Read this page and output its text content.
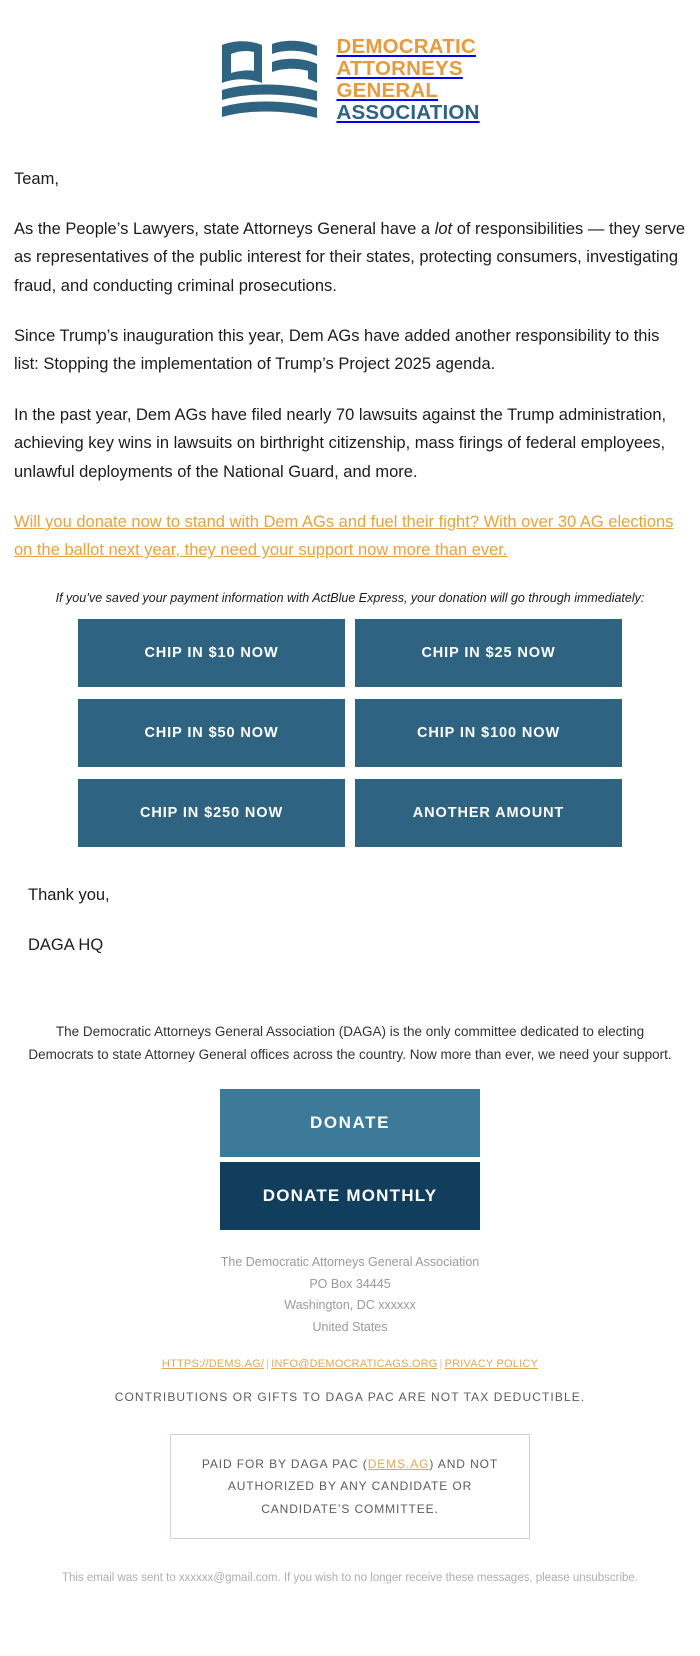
DEMOCRATIC
ATTORNEYS
GENERAL
ASSOCIATION

Team,

As the People’s Lawyers, state Attorneys General have a lot of responsibilities — they serve as representatives of the public interest for their states, protecting consumers, investigating fraud, and conducting criminal prosecutions.

Since Trump’s inauguration this year, Dem AGs have added another responsibility to this list: Stopping the implementation of Trump’s Project 2025 agenda.

In the past year, Dem AGs have filed nearly 70 lawsuits against the Trump administration, achieving key wins in lawsuits on birthright citizenship, mass firings of federal employees, unlawful deployments of the National Guard, and more.

Will you donate now to stand with Dem AGs and fuel their fight? With over 30 AG elections on the ballot next year, they need your support now more than ever.

If you’ve saved your payment information with ActBlue Express, your donation will go through immediately:

CHIP IN $10 NOW	CHIP IN $25 NOW
CHIP IN $50 NOW	CHIP IN $100 NOW
CHIP IN $250 NOW	ANOTHER AMOUNT

Thank you,

DAGA HQ

The Democratic Attorneys General Association (DAGA) is the only committee dedicated to electing Democrats to state Attorney General offices across the country. Now more than ever, we need your support.

DONATE
DONATE MONTHLY
The Democratic Attorneys General Association
PO Box 34445
Washington, DC xxxxxx
United States
HTTPS://DEMS.AG/ | INFO@DEMOCRATICAGS.ORG | PRIVACY POLICY
CONTRIBUTIONS OR GIFTS TO DAGA PAC ARE NOT TAX DEDUCTIBLE.
PAID FOR BY DAGA PAC (DEMS.AG) AND NOT AUTHORIZED BY ANY CANDIDATE OR CANDIDATE’S COMMITTEE.
This email was sent to xxxxxx@gmail.com. If you wish to no longer receive these messages, please unsubscribe.
